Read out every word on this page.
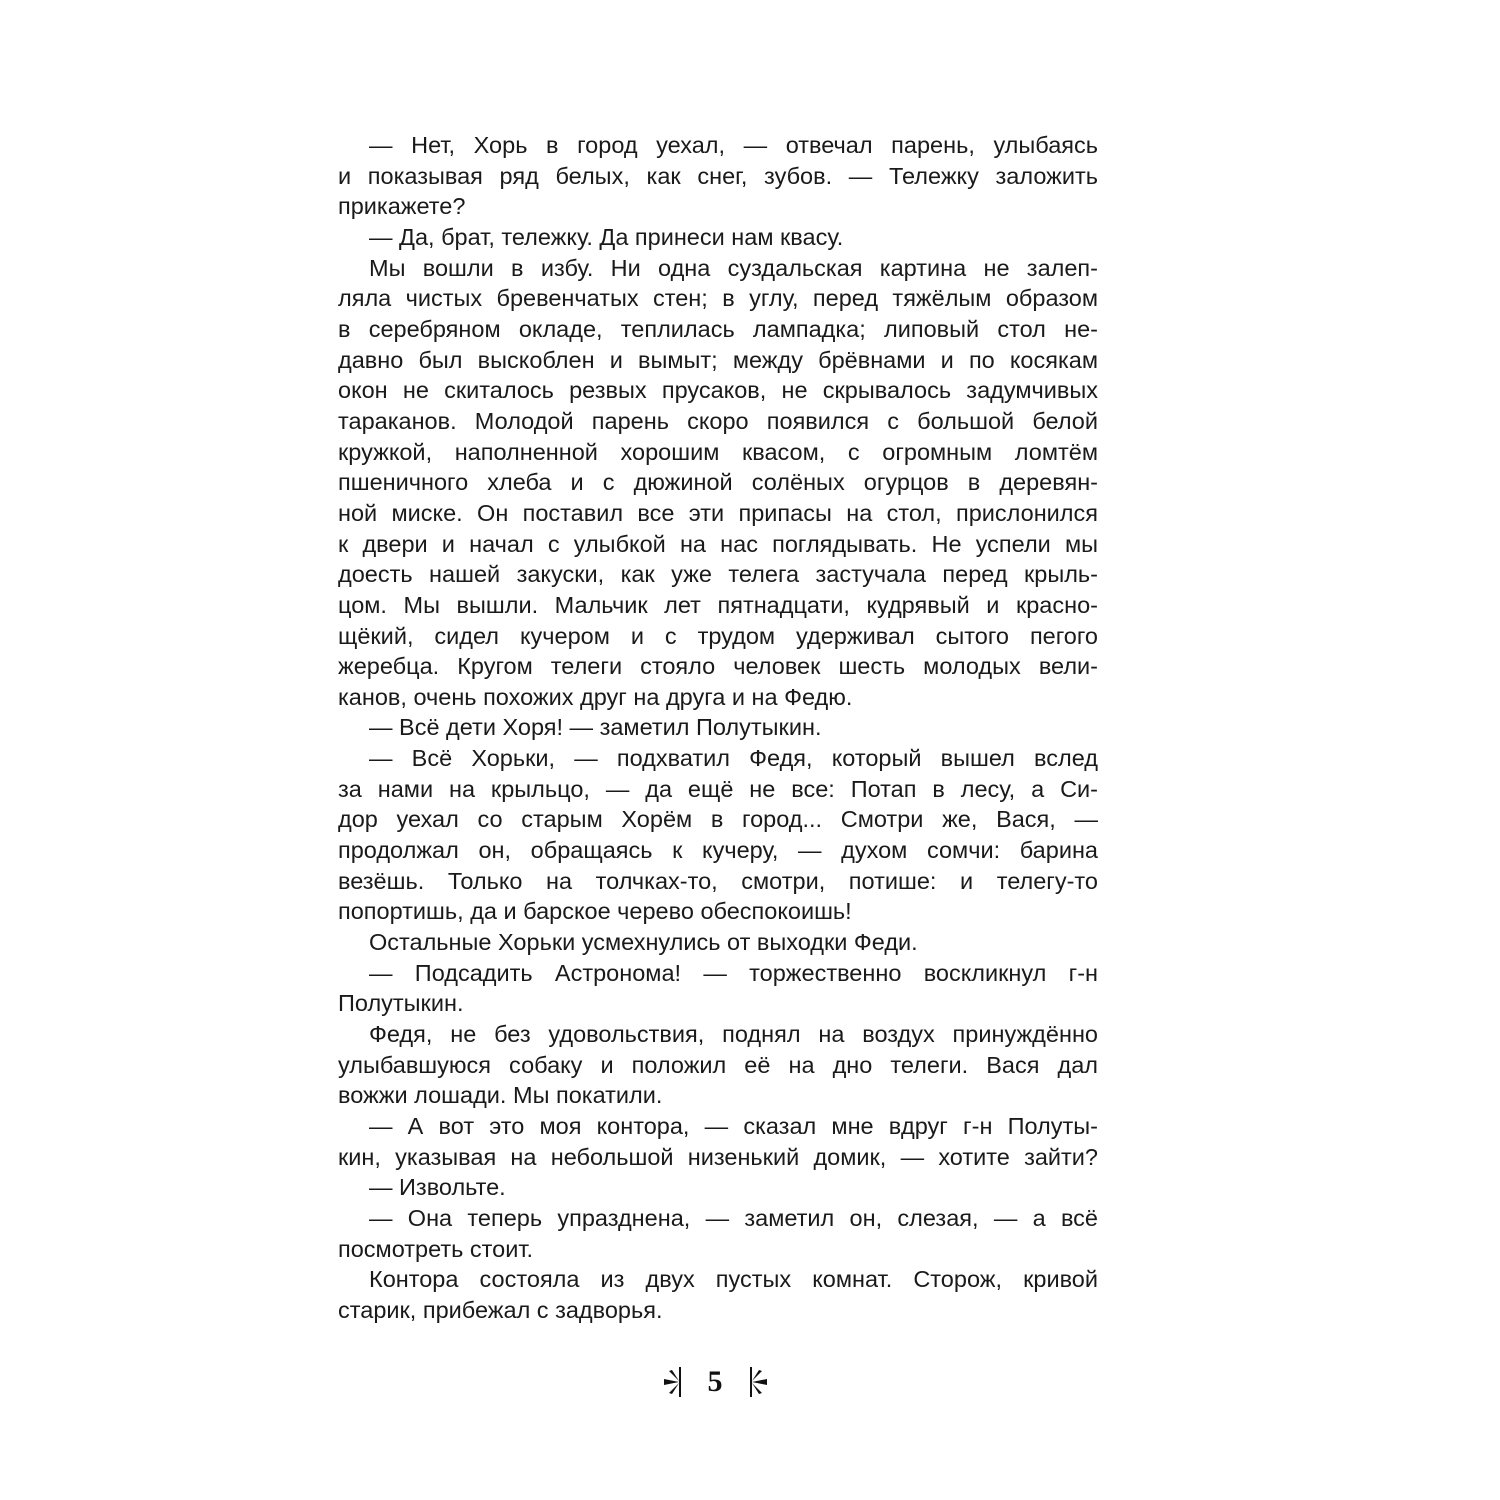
— Нет, Хорь в город уехал, — отвечал парень, улыбаясь
и показывая ряд белых, как снег, зубов. — Тележку заложить
прикажете?
— Да, брат, тележку. Да принеси нам квасу.
Мы вошли в избу. Ни одна суздальская картина не залеп-
ляла чистых бревенчатых стен; в углу, перед тяжёлым образом
в серебряном окладе, теплилась лампадка; липовый стол не-
давно был выскоблен и вымыт; между брёвнами и по косякам
окон не скиталось резвых прусаков, не скрывалось задумчивых
тараканов. Молодой парень скоро появился с большой белой
кружкой, наполненной хорошим квасом, с огромным ломтём
пшеничного хлеба и с дюжиной солёных огурцов в деревян-
ной миске. Он поставил все эти припасы на стол, прислонился
к двери и начал с улыбкой на нас поглядывать. Не успели мы
доесть нашей закуски, как уже телега застучала перед крыль-
цом. Мы вышли. Мальчик лет пятнадцати, кудрявый и красно-
щёкий, сидел кучером и с трудом удерживал сытого пегого
жеребца. Кругом телеги стояло человек шесть молодых вели-
канов, очень похожих друг на друга и на Федю.
— Всё дети Хоря! — заметил Полутыкин.
— Всё Хорьки, — подхватил Федя, который вышел вслед
за нами на крыльцо, — да ещё не все: Потап в лесу, а Си-
дор уехал со старым Хорём в город... Смотри же, Вася, —
продолжал он, обращаясь к кучеру, — духом сомчи: барина
везёшь. Только на толчках-то, смотри, потише: и телегу-то
попортишь, да и барское черево обеспокоишь!
Остальные Хорьки усмехнулись от выходки Феди.
— Подсадить Астронома! — торжественно воскликнул г-н
Полутыкин.
Федя, не без удовольствия, поднял на воздух принуждённо
улыбавшуюся собаку и положил её на дно телеги. Вася дал
вожжи лошади. Мы покатили.
— А вот это моя контора, — сказал мне вдруг г-н Полуты-
кин, указывая на небольшой низенький домик, — хотите зайти?
— Извольте.
— Она теперь упразднена, — заметил он, слезая, — а всё
посмотреть стоит.
Контора состояла из двух пустых комнат. Сторож, кривой
старик, прибежал с задворья.
5
